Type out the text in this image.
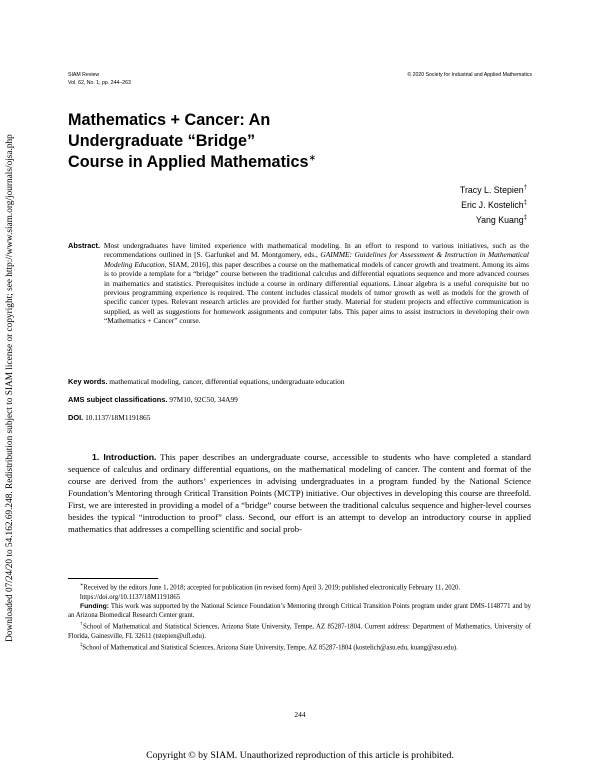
Downloaded 07/24/20 to 54.162.69.248. Redistribution subject to SIAM license or copyright; see http://www.siam.org/journals/ojsa.php
SIAM Review
Vol. 62, No. 1, pp. 244–263
© 2020 Society for Industrial and Applied Mathematics
Mathematics + Cancer: An
Undergraduate “Bridge”
Course in Applied Mathematics∗
Tracy L. Stepien†
Eric J. Kostelich‡
Yang Kuang‡
Abstract. Most undergraduates have limited experience with mathematical modeling. In an effort to respond to various initiatives, such as the recommendations outlined in [S. Garfunkel and M. Montgomery, eds., GAIMME: Guidelines for Assessment & Instruction in Mathematical Modeling Education, SIAM, 2016], this paper describes a course on the mathematical models of cancer growth and treatment. Among its aims is to provide a template for a “bridge” course between the traditional calculus and differential equations sequence and more advanced courses in mathematics and statistics. Prerequisites include a course in ordinary differential equations. Linear algebra is a useful corequisite but no previous programming experience is required. The content includes classical models of tumor growth as well as models for the growth of specific cancer types. Relevant research articles are provided for further study. Material for student projects and effective communication is supplied, as well as suggestions for homework assignments and computer labs. This paper aims to assist instructors in developing their own “Mathematics + Cancer” course.
Key words. mathematical modeling, cancer, differential equations, undergraduate education
AMS subject classifications. 97M10, 92C50, 34A99
DOI. 10.1137/18M1191865

1. Introduction. This paper describes an undergraduate course, accessible to students who have completed a standard sequence of calculus and ordinary differential equations, on the mathematical modeling of cancer. The content and format of the course are derived from the authors’ experiences in advising undergraduates in a program funded by the National Science Foundation’s Mentoring through Critical Transition Points (MCTP) initiative. Our objectives in developing this course are threefold. First, we are interested in providing a model of a “bridge” course between the traditional calculus sequence and higher-level courses besides the typical “introduction to proof” class. Second, our effort is an attempt to develop an introductory course in applied mathematics that addresses a compelling scientific and social prob-

∗Received by the editors June 1, 2018; accepted for publication (in revised form) April 3, 2019; published electronically February 11, 2020.

https://doi.org/10.1137/18M1191865

Funding: This work was supported by the National Science Foundation’s Mentoring through Critical Transition Points program under grant DMS-1148771 and by an Arizona Biomedical Research Center grant.

†School of Mathematical and Statistical Sciences, Arizona State University, Tempe, AZ 85287-1804. Current address: Department of Mathematics, University of Florida, Gainesville, FL 32611 (tstepien@ufl.edu).

‡School of Mathematical and Statistical Sciences, Arizona State University, Tempe, AZ 85287-1804 (kostelich@asu.edu, kuang@asu.edu).

244
Copyright © by SIAM. Unauthorized reproduction of this article is prohibited.
